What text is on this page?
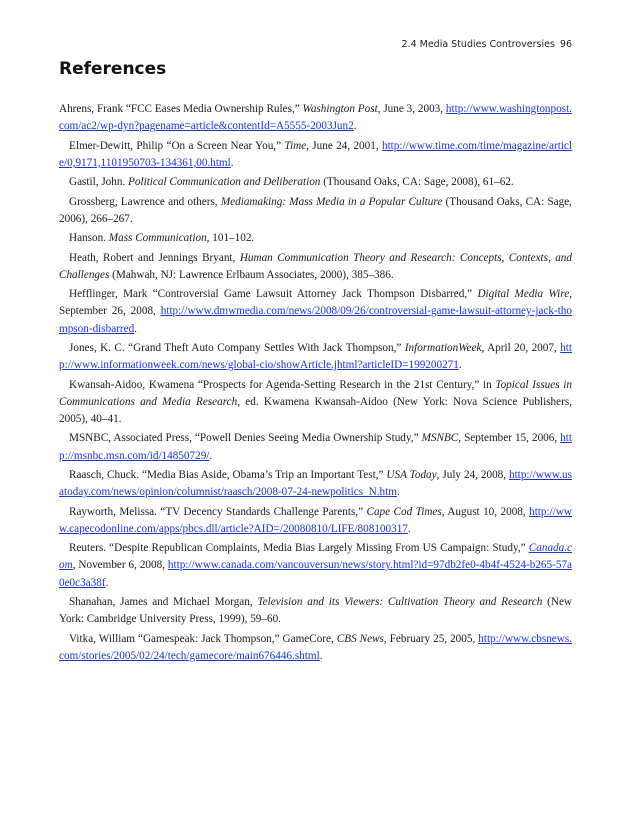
2.4 Media Studies Controversies 96
References

Ahrens, Frank “FCC Eases Media Ownership Rules,” Washington Post, June 3, 2003, http://www.washingtonpost.com/ac2/wp-dyn?pagename=article&contentId=A5555-2003Jun2.

Elmer-Dewitt, Philip “On a Screen Near You,” Time, June 24, 2001, http://www.time.com/time/magazine/article/0,9171,1101950703-134361,00.html.

Gastil, John. Political Communication and Deliberation (Thousand Oaks, CA: Sage, 2008), 61–62.

Grossberg, Lawrence and others, Mediamaking: Mass Media in a Popular Culture (Thousand Oaks, CA: Sage, 2006), 266–267.

Hanson. Mass Communication, 101–102.

Heath, Robert and Jennings Bryant, Human Communication Theory and Research: Concepts, Contexts, and Challenges (Mahwah, NJ: Lawrence Erlbaum Associates, 2000), 385–386.

Hefflinger, Mark “Controversial Game Lawsuit Attorney Jack Thompson Disbarred,” Digital Media Wire, September 26, 2008, http://www.dmwmedia.com/news/2008/09/26/controversial-game-lawsuit-attorney-jack-thompson-disbarred.

Jones, K. C. “Grand Theft Auto Company Settles With Jack Thompson,” InformationWeek, April 20, 2007, http://www.informationweek.com/news/global-cio/showArticle.jhtml?articleID=199200271.

Kwansah-Aidoo, Kwamena “Prospects for Agenda-Setting Research in the 21st Century,” in Topical Issues in Communications and Media Research, ed. Kwamena Kwansah-Aidoo (New York: Nova Science Publishers, 2005), 40–41.

MSNBC, Associated Press, “Powell Denies Seeing Media Ownership Study,” MSNBC, September 15, 2006, http://msnbc.msn.com/id/14850729/.

Raasch, Chuck. “Media Bias Aside, Obama’s Trip an Important Test,” USA Today, July 24, 2008, http://www.usatoday.com/news/opinion/columnist/raasch/2008-07-24-newpolitics_N.htm.

Rayworth, Melissa. “TV Decency Standards Challenge Parents,” Cape Cod Times, August 10, 2008, http://www.capecodonline.com/apps/pbcs.dll/article?AID=/20080810/LIFE/808100317.

Reuters. “Despite Republican Complaints, Media Bias Largely Missing From US Campaign: Study,” Canada.com, November 6, 2008, http://www.canada.com/vancouversun/news/story.html?id=97db2fe0-4b4f-4524-b265-57a0e0c3a38f.

Shanahan, James and Michael Morgan, Television and its Viewers: Cultivation Theory and Research (New York: Cambridge University Press, 1999), 59–60.

Vitka, William “Gamespeak: Jack Thompson,” GameCore, CBS News, February 25, 2005, http://www.cbsnews.com/stories/2005/02/24/tech/gamecore/main676446.shtml.
